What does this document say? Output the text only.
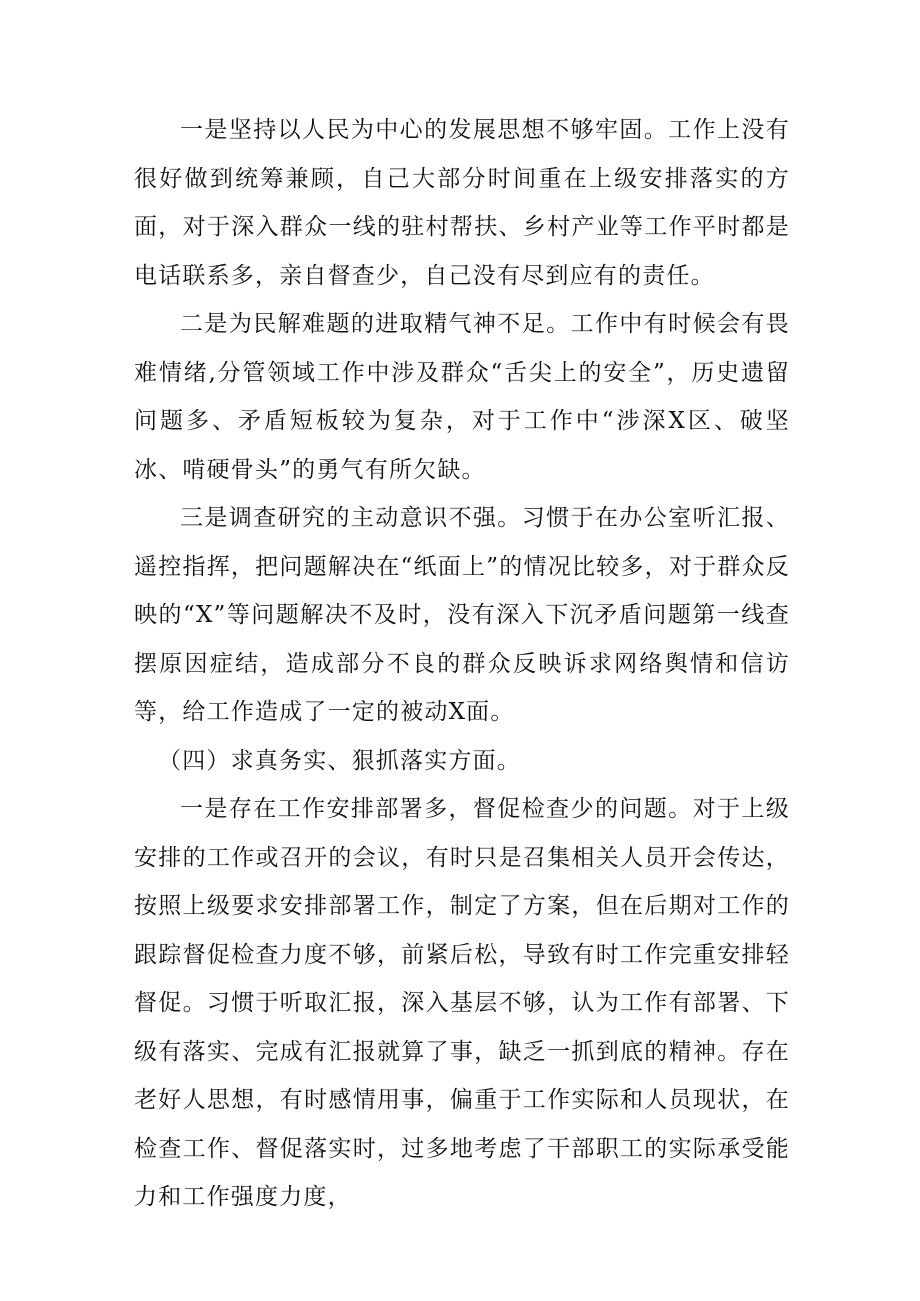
一是坚持以人民为中心的发展思想不够牢固。工作上没有很好做到统筹兼顾，自己大部分时间重在上级安排落实的方面，对于深入群众一线的驻村帮扶、乡村产业等工作平时都是电话联系多，亲自督查少，自己没有尽到应有的责任。

二是为民解难题的进取精气神不足。工作中有时候会有畏难情绪,分管领域工作中涉及群众“舌尖上的安全”，历史遗留问题多、矛盾短板较为复杂，对于工作中“涉深X区、破坚冰、啃硬骨头”的勇气有所欠缺。

三是调查研究的主动意识不强。习惯于在办公室听汇报、遥控指挥，把问题解决在“纸面上”的情况比较多，对于群众反映的“X”等问题解决不及时，没有深入下沉矛盾问题第一线查摆原因症结，造成部分不良的群众反映诉求网络舆情和信访等，给工作造成了一定的被动X面。

（四）求真务实、狠抓落实方面。

一是存在工作安排部署多，督促检查少的问题。对于上级安排的工作或召开的会议，有时只是召集相关人员开会传达，按照上级要求安排部署工作，制定了方案，但在后期对工作的跟踪督促检查力度不够，前紧后松，导致有时工作完重安排轻督促。习惯于听取汇报，深入基层不够，认为工作有部署、下级有落实、完成有汇报就算了事，缺乏一抓到底的精神。存在老好人思想，有时感情用事，偏重于工作实际和人员现状，在检查工作、督促落实时，过多地考虑了干部职工的实际承受能力和工作强度力度，
